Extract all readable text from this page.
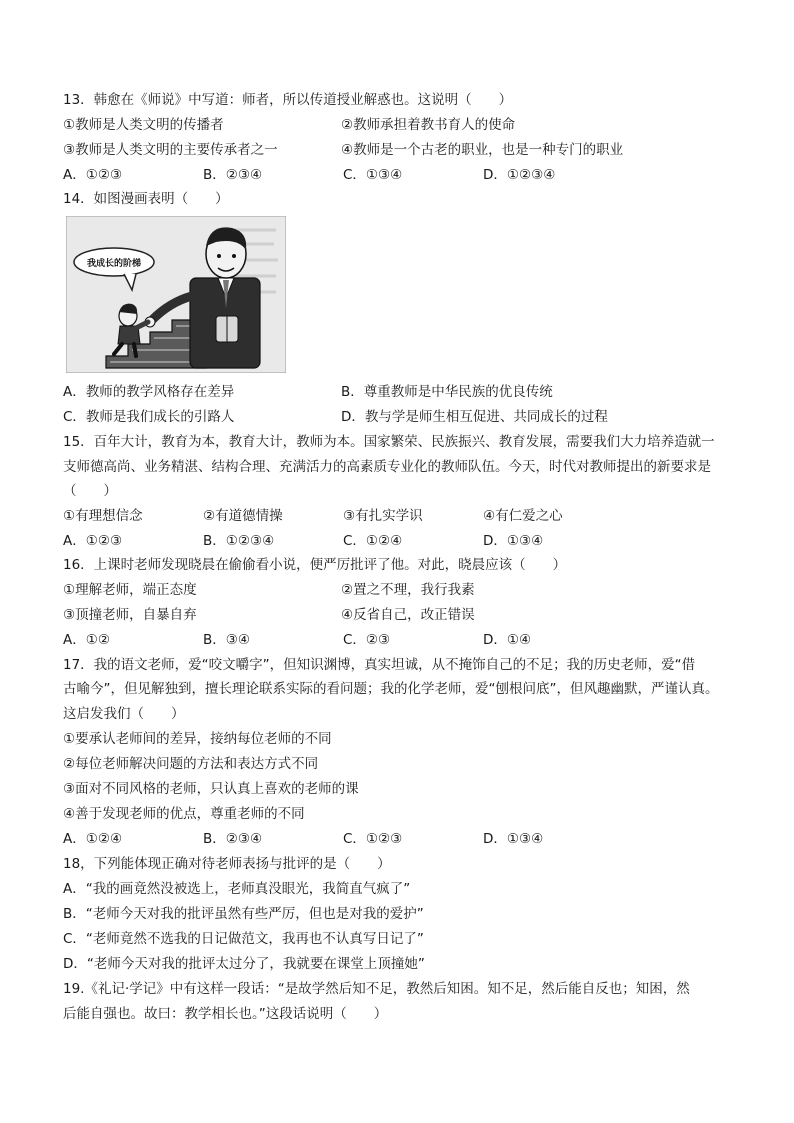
13．韩愈在《师说》中写道：师者，所以传道授业解惑也。这说明（　　）
①教师是人类文明的传播者	②教师承担着教书育人的使命
③教师是人类文明的主要传承者之一	④教师是一个古老的职业，也是一种专门的职业
A．①②③	B．②③④	C．①③④	D．①②③④
14．如图漫画表明（　　）
我成长的阶梯
A．教师的教学风格存在差异	B．尊重教师是中华民族的优良传统
C．教师是我们成长的引路人	D．教与学是师生相互促进、共同成长的过程
15．百年大计，教育为本，教育大计，教师为本。国家繁荣、民族振兴、教育发展，需要我们大力培养造就一
支师德高尚、业务精湛、结构合理、充满活力的高素质专业化的教师队伍。今天，时代对教师提出的新要求是
（　　）
①有理想信念	②有道德情操	③有扎实学识	④有仁爱之心
A．①②③	B．①②③④	C．①②④	D．①③④
16．上课时老师发现晓晨在偷偷看小说，便严厉批评了他。对此，晓晨应该（　　）
①理解老师，端正态度	②置之不理，我行我素
③顶撞老师，自暴自弃	④反省自己，改正错误
A．①②	B．③④	C．②③	D．①④
17．我的语文老师，爱“咬文嚼字”，但知识渊博，真实坦诚，从不掩饰自己的不足；我的历史老师，爱“借
古喻今”，但见解独到，擅长理论联系实际的看问题；我的化学老师，爱“刨根问底”，但风趣幽默，严谨认真。
这启发我们（　　）
①要承认老师间的差异，接纳每位老师的不同
②每位老师解决问题的方法和表达方式不同
③面对不同风格的老师，只认真上喜欢的老师的课
④善于发现老师的优点，尊重老师的不同
A．①②④	B．②③④	C．①②③	D．①③④
18，下列能体现正确对待老师表扬与批评的是（　　）
A．“我的画竟然没被选上，老师真没眼光，我简直气疯了”
B．“老师今天对我的批评虽然有些严厉，但也是对我的爱护”
C．“老师竟然不选我的日记做范文，我再也不认真写日记了”
D．“老师今天对我的批评太过分了，我就要在课堂上顶撞她”
19.《礼记·学记》中有这样一段话：“是故学然后知不足，教然后知困。知不足，然后能自反也；知困，然
后能自强也。故曰：教学相长也。”这段话说明（　　）
